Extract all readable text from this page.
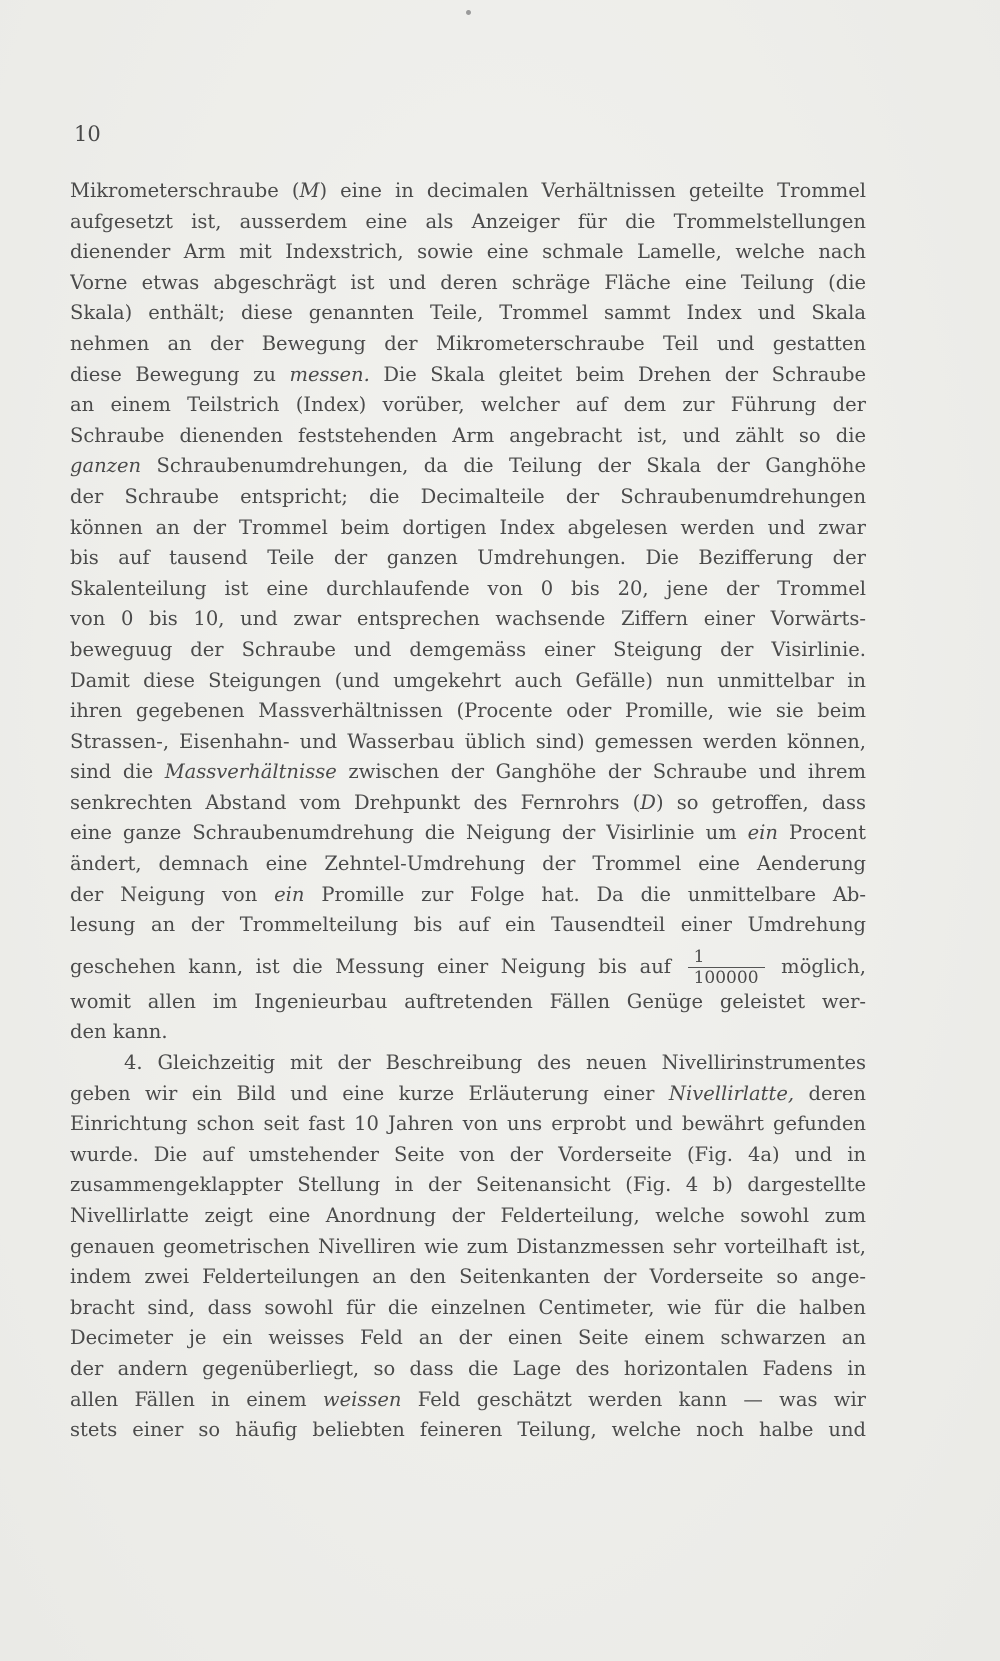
10
Mikrometerschraube (M) eine in decimalen Verhältnissen geteilte Trommel
aufgesetzt ist, ausserdem eine als Anzeiger für die Trommelstellungen
dienender Arm mit Indexstrich, sowie eine schmale Lamelle, welche nach
Vorne etwas abgeschrägt ist und deren schräge Fläche eine Teilung (die
Skala) enthält; diese genannten Teile, Trommel sammt Index und Skala
nehmen an der Bewegung der Mikrometerschraube Teil und gestatten
diese Bewegung zu messen. Die Skala gleitet beim Drehen der Schraube
an einem Teilstrich (Index) vorüber, welcher auf dem zur Führung der
Schraube dienenden feststehenden Arm angebracht ist, und zählt so die
ganzen Schraubenumdrehungen, da die Teilung der Skala der Ganghöhe
der Schraube entspricht; die Decimalteile der Schraubenumdrehungen
können an der Trommel beim dortigen Index abgelesen werden und zwar
bis auf tausend Teile der ganzen Umdrehungen. Die Bezifferung der
Skalenteilung ist eine durchlaufende von 0 bis 20, jene der Trommel
von 0 bis 10, und zwar entsprechen wachsende Ziffern einer Vorwärts-
beweguug der Schraube und demgemäss einer Steigung der Visirlinie.
Damit diese Steigungen (und umgekehrt auch Gefälle) nun unmittelbar in
ihren gegebenen Massverhältnissen (Procente oder Promille, wie sie beim
Strassen-, Eisenhahn- und Wasserbau üblich sind) gemessen werden können,
sind die Massverhältnisse zwischen der Ganghöhe der Schraube und ihrem
senkrechten Abstand vom Drehpunkt des Fernrohrs (D) so getroffen, dass
eine ganze Schraubenumdrehung die Neigung der Visirlinie um ein Procent
ändert, demnach eine Zehntel-Umdrehung der Trommel eine Aenderung
der Neigung von ein Promille zur Folge hat. Da die unmittelbare Ab-
lesung an der Trommelteilung bis auf ein Tausendteil einer Umdrehung
geschehen kann, ist die Messung einer Neigung bis auf $\frac{1}{100000}$ möglich,
womit allen im Ingenieurbau auftretenden Fällen Genüge geleistet wer-
den kann.
4. Gleichzeitig mit der Beschreibung des neuen Nivellirinstrumentes
geben wir ein Bild und eine kurze Erläuterung einer Nivellirlatte, deren
Einrichtung schon seit fast 10 Jahren von uns erprobt und bewährt gefunden
wurde. Die auf umstehender Seite von der Vorderseite (Fig. 4a) und in
zusammengeklappter Stellung in der Seitenansicht (Fig. 4 b) dargestellte
Nivellirlatte zeigt eine Anordnung der Felderteilung, welche sowohl zum
genauen geometrischen Nivelliren wie zum Distanzmessen sehr vorteilhaft ist,
indem zwei Felderteilungen an den Seitenkanten der Vorderseite so ange-
bracht sind, dass sowohl für die einzelnen Centimeter, wie für die halben
Decimeter je ein weisses Feld an der einen Seite einem schwarzen an
der andern gegenüberliegt, so dass die Lage des horizontalen Fadens in
allen Fällen in einem weissen Feld geschätzt werden kann — was wir
stets einer so häufig beliebten feineren Teilung, welche noch halbe und
